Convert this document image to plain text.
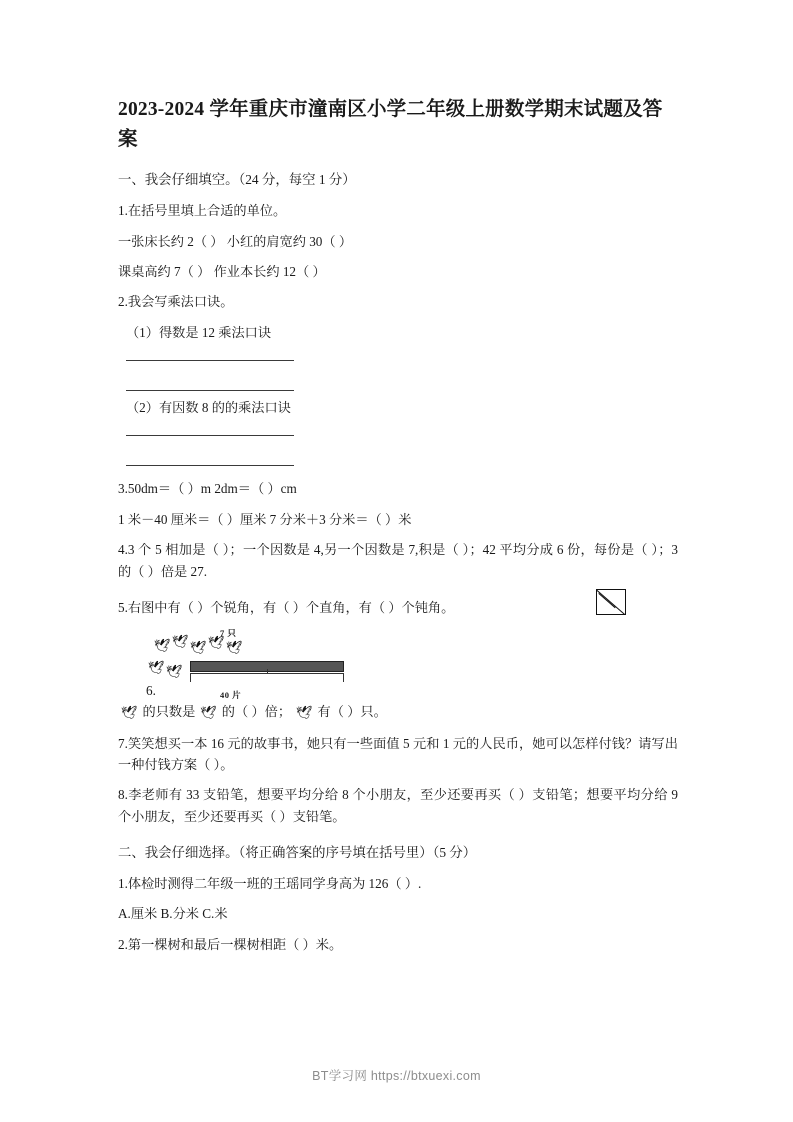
2023-2024 学年重庆市潼南区小学二年级上册数学期末试题及答案

一、我会仔细填空。（24 分，每空 1 分）

1.在括号里填上合适的单位。

一张床长约 2（ ） 小红的肩宽约 30（ ）

课桌高约 7（ ） 作业本长约 12（ ）

2.我会写乘法口诀。

（1）得数是 12 乘法口诀

（2）有因数 8 的的乘法口诀

3.50dm＝（ ）m 2dm＝（ ）cm

1 米－40 厘米＝（ ）厘米 7 分米＋3 分米＝（ ）米

4.3 个 5 相加是（ ）；一个因数是 4,另一个因数是 7,积是（ ）；42 平均分成 6 份，每份是（ ）；3 的（ ）倍是 27.

5.右图中有（ ）个锐角，有（ ）个直角，有（ ）个钝角。

7 只
🕊 🕊 🕊 🕊 🕊
🕊 🕊
40 片
6.
🕊 的只数是 🕊 的（ ）倍； 🕊 有（ ）只。

7.笑笑想买一本 16 元的故事书，她只有一些面值 5 元和 1 元的人民币，她可以怎样付钱？请写出一种付钱方案（ ）。

8.李老师有 33 支铅笔，想要平均分给 8 个小朋友，至少还要再买（ ）支铅笔；想要平均分给 9 个小朋友，至少还要再买（ ）支铅笔。

二、我会仔细选择。（将正确答案的序号填在括号里）（5 分）

1.体检时测得二年级一班的王瑶同学身高为 126（ ）.

A.厘米 B.分米 C.米

2.第一棵树和最后一棵树相距（ ）米。

BT学习网 https://btxuexi.com
